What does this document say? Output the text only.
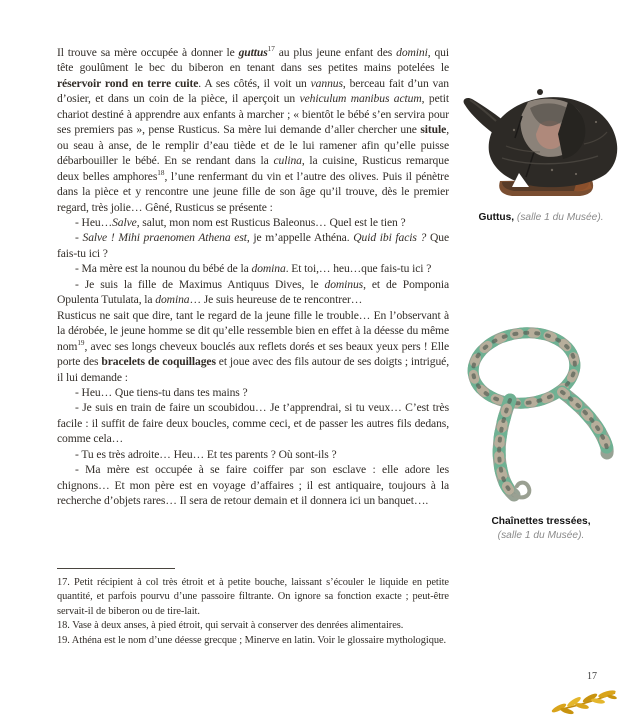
Il trouve sa mère occupée à donner le guttus$^{17}$ au plus jeune enfant des domini, qui tête goulûment le bec du biberon en tenant dans ses petites mains potelées le réservoir rond en terre cuite. A ses côtés, il voit un vannus, berceau fait d’un van d’osier, et dans un coin de la pièce, il aperçoit un vehiculum manibus actum, petit chariot destiné à apprendre aux enfants à marcher ; « bientôt le bébé s’en servira pour ses premiers pas », pense Rusticus. Sa mère lui demande d’aller chercher une situle, ou seau à anse, de le remplir d’eau tiède et de le lui ramener afin qu’elle puisse débarbouiller le bébé. En se rendant dans la culina, la cuisine, Rusticus remarque deux belles amphores$^{18}$, l’une renfermant du vin et l’autre des olives. Puis il pénètre dans la pièce et y rencontre une jeune fille de son âge qu’il trouve, dès le premier regard, très jolie… Gêné, Rusticus se présente :

- Heu…Salve, salut, mon nom est Rusticus Baleonus… Quel est le tien ?

- Salve ! Mihi praenomen Athena est, je m’appelle Athéna. Quid ibi facis ? Que fais-tu ici ?

- Ma mère est la nounou du bébé de la domina. Et toi,… heu…que fais-tu ici ?

- Je suis la fille de Maximus Antiquus Dives, le dominus, et de Pomponia Opulenta Tutulata, la domina… Je suis heureuse de te rencontrer…

Rusticus ne sait que dire, tant le regard de la jeune fille le trouble… En l’observant à la dérobée, le jeune homme se dit qu’elle ressemble bien en effet à la déesse du même nom$^{19}$, avec ses longs cheveux bouclés aux reflets dorés et ses beaux yeux pers ! Elle porte des bracelets de coquillages et joue avec des fils autour de ses doigts ; intrigué, il lui demande :

- Heu… Que tiens-tu dans tes mains ?

- Je suis en train de faire un scoubidou… Je t’apprendrai, si tu veux… C’est très facile : il suffit de faire deux boucles, comme ceci, et de passer les autres fils dedans, comme cela…

- Tu es très adroite… Heu… Et tes parents ? Où sont-ils ?

- Ma mère est occupée à se faire coiffer par son esclave : elle adore les chignons… Et mon père est en voyage d’affaires ; il est antiquaire, toujours à la recherche d’objets rares… Il sera de retour demain et il donnera ici un banquet….

Guttus, (salle 1 du Musée).
Chaînettes tressées,
(salle 1 du Musée).

17. Petit récipient à col très étroit et à petite bouche, laissant s’écouler le liquide en petite quantité, et parfois pourvu d’une passoire filtrante. On ignore sa fonction exacte ; peut-être servait-il de biberon ou de tire-lait.

18. Vase à deux anses, à pied étroit, qui servait à conserver des denrées alimentaires.

19. Athéna est le nom d’une déesse grecque ; Minerve en latin. Voir le glossaire mythologique.

17
